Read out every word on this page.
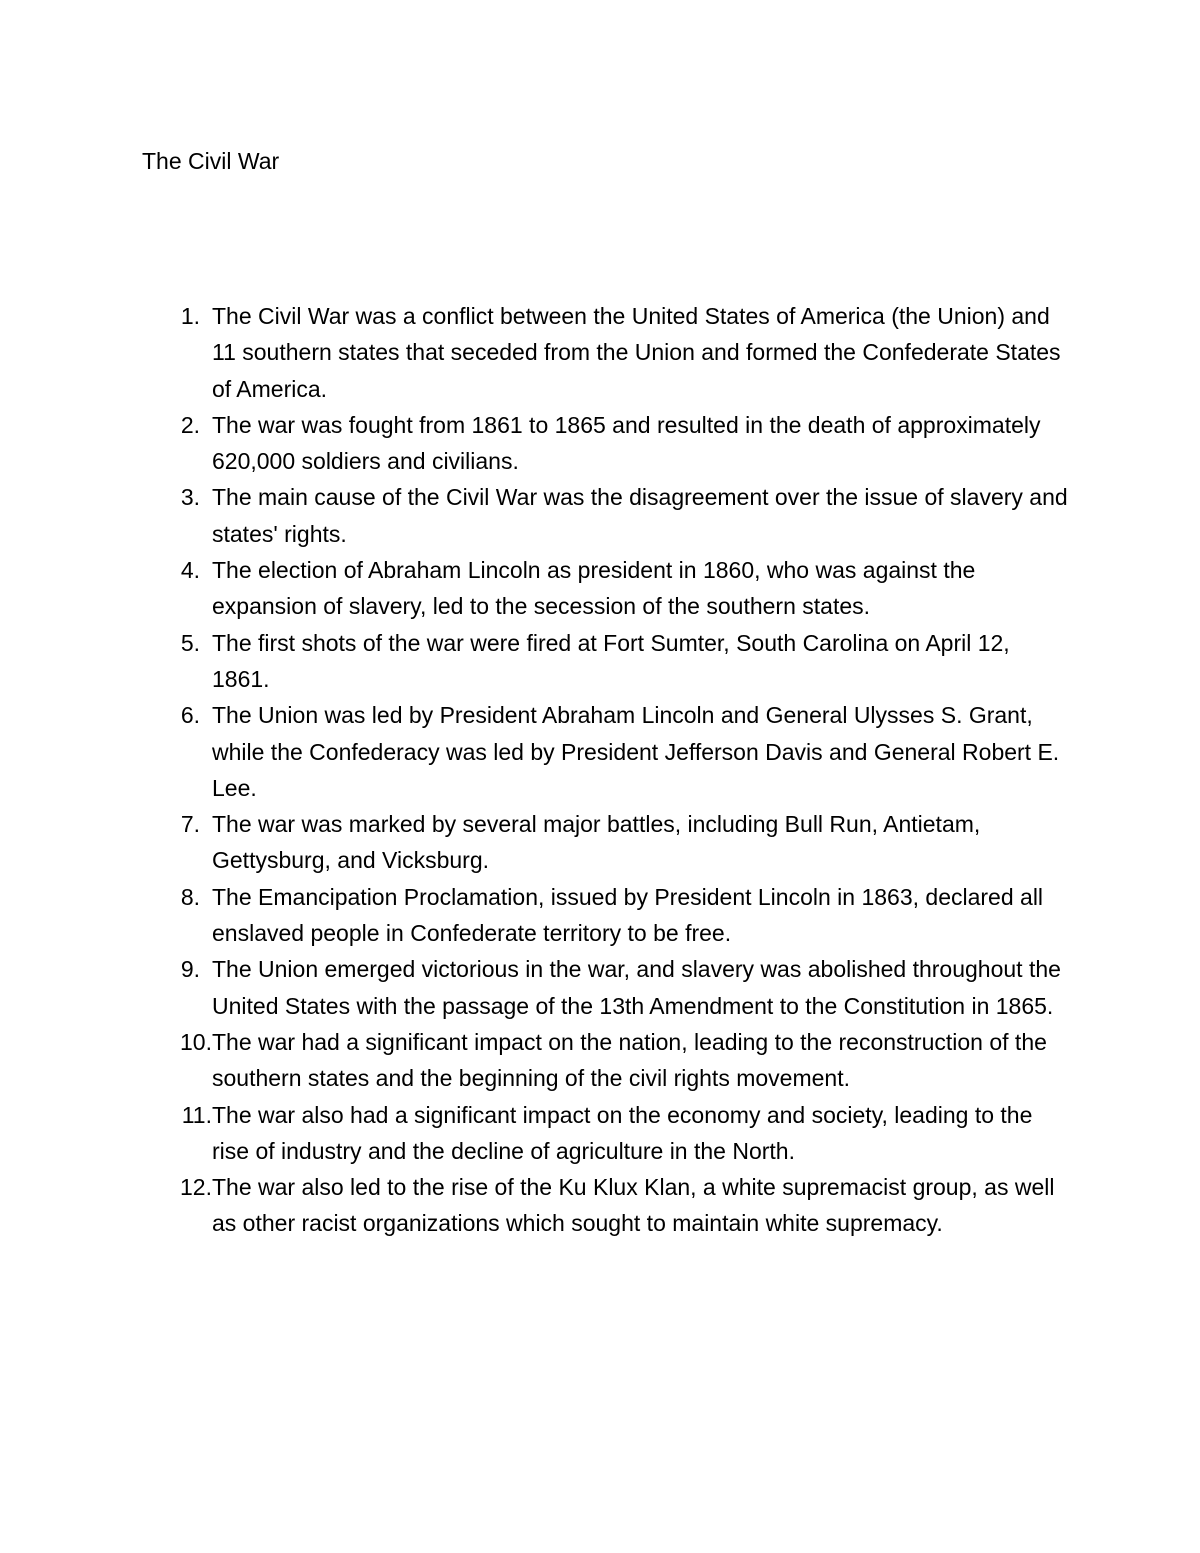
The Civil War
1. The Civil War was a conflict between the United States of America (the Union) and 11 southern states that seceded from the Union and formed the Confederate States of America.
2. The war was fought from 1861 to 1865 and resulted in the death of approximately 620,000 soldiers and civilians.
3. The main cause of the Civil War was the disagreement over the issue of slavery and states' rights.
4. The election of Abraham Lincoln as president in 1860, who was against the expansion of slavery, led to the secession of the southern states.
5. The first shots of the war were fired at Fort Sumter, South Carolina on April 12, 1861.
6. The Union was led by President Abraham Lincoln and General Ulysses S. Grant, while the Confederacy was led by President Jefferson Davis and General Robert E. Lee.
7. The war was marked by several major battles, including Bull Run, Antietam, Gettysburg, and Vicksburg.
8. The Emancipation Proclamation, issued by President Lincoln in 1863, declared all enslaved people in Confederate territory to be free.
9. The Union emerged victorious in the war, and slavery was abolished throughout the United States with the passage of the 13th Amendment to the Constitution in 1865.
10. The war had a significant impact on the nation, leading to the reconstruction of the southern states and the beginning of the civil rights movement.
11. The war also had a significant impact on the economy and society, leading to the rise of industry and the decline of agriculture in the North.
12. The war also led to the rise of the Ku Klux Klan, a white supremacist group, as well as other racist organizations which sought to maintain white supremacy.
